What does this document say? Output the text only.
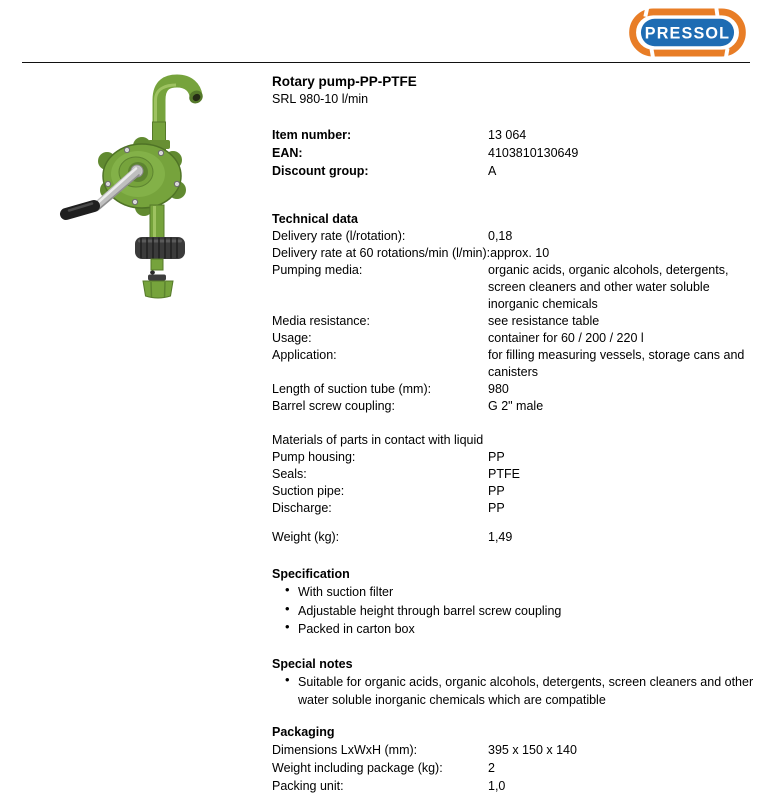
PRESSOL
Rotary pump-PP-PTFE

SRL 980-10 l/min

Item number:	13 064
EAN:	4103810130649
Discount group:	A
Technical data
Delivery rate (l/rotation):	0,18
Delivery rate at 60 rotations/min (l/min): approx. 10
Pumping media:	organic acids, organic alcohols, detergents, screen cleaners and other water soluble inorganic chemicals
Media resistance:	see resistance table
Usage:	container for 60 / 200 / 220 l
Application:	for filling measuring vessels, storage cans and canisters
Length of suction tube (mm):	980
Barrel screw coupling:	G 2" male
Materials of parts in contact with liquid
Pump housing:	PP
Seals:	PTFE
Suction pipe:	PP
Discharge:	PP
Weight (kg):	1,49
Specification
• With suction filter
• Adjustable height through barrel screw coupling
• Packed in carton box
Special notes
• Suitable for organic acids, organic alcohols, detergents, screen cleaners and other water soluble inorganic chemicals which are compatible
Packaging
Dimensions LxWxH (mm):	395 x 150 x 140
Weight including package (kg):	2
Packing unit:	1,0
